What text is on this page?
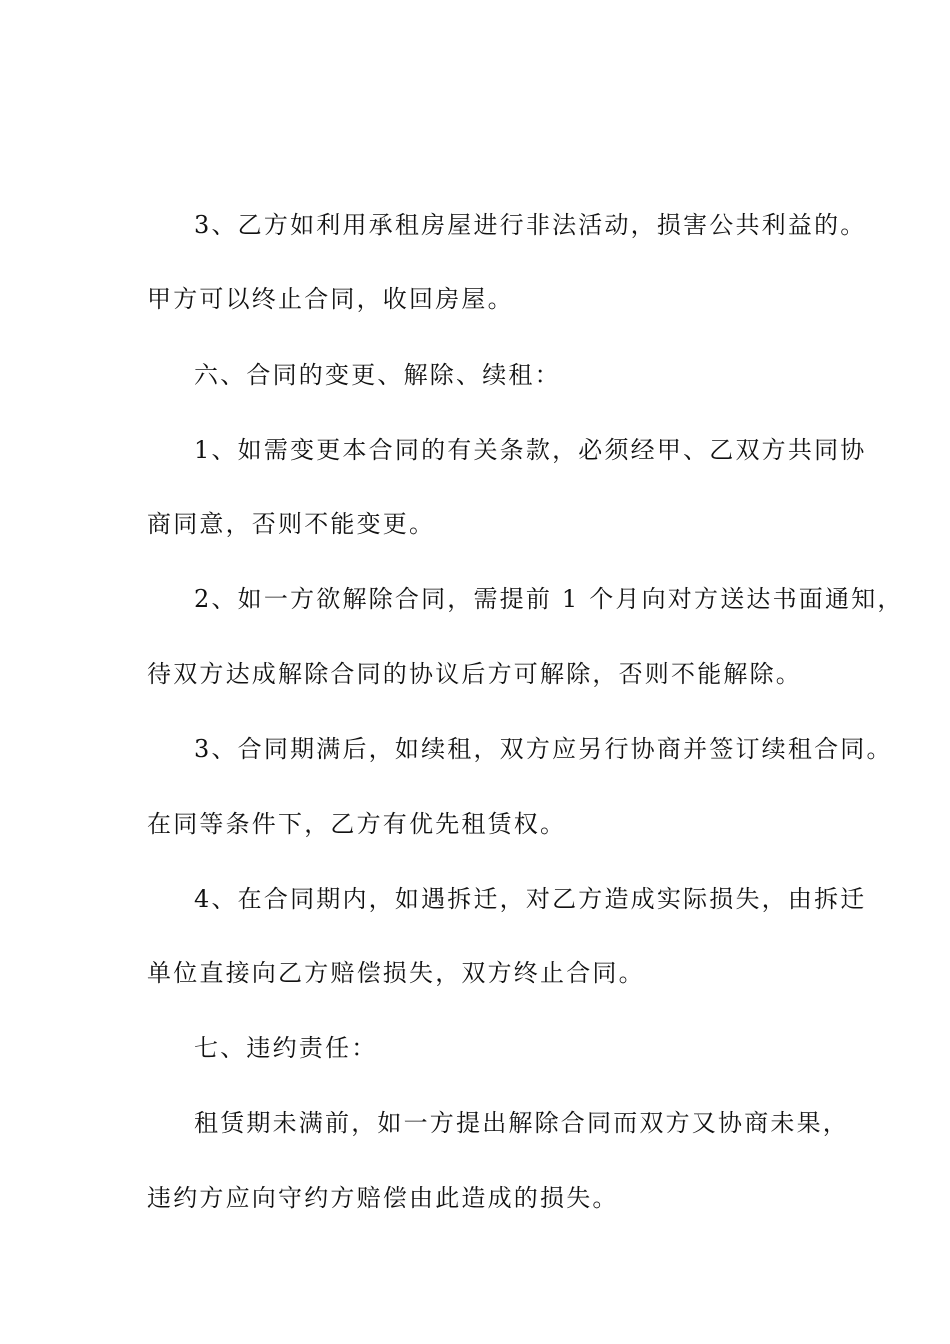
3、乙方如利用承租房屋进行非法活动，损害公共利益的。
甲方可以终止合同，收回房屋。
六、合同的变更、解除、续租：
1、如需变更本合同的有关条款，必须经甲、乙双方共同协
商同意，否则不能变更。
2、如一方欲解除合同，需提前 1 个月向对方送达书面通知，
待双方达成解除合同的协议后方可解除，否则不能解除。
3、合同期满后，如续租，双方应另行协商并签订续租合同。
在同等条件下，乙方有优先租赁权。
4、在合同期内，如遇拆迁，对乙方造成实际损失，由拆迁
单位直接向乙方赔偿损失，双方终止合同。
七、违约责任：
租赁期未满前，如一方提出解除合同而双方又协商未果，
违约方应向守约方赔偿由此造成的损失。
